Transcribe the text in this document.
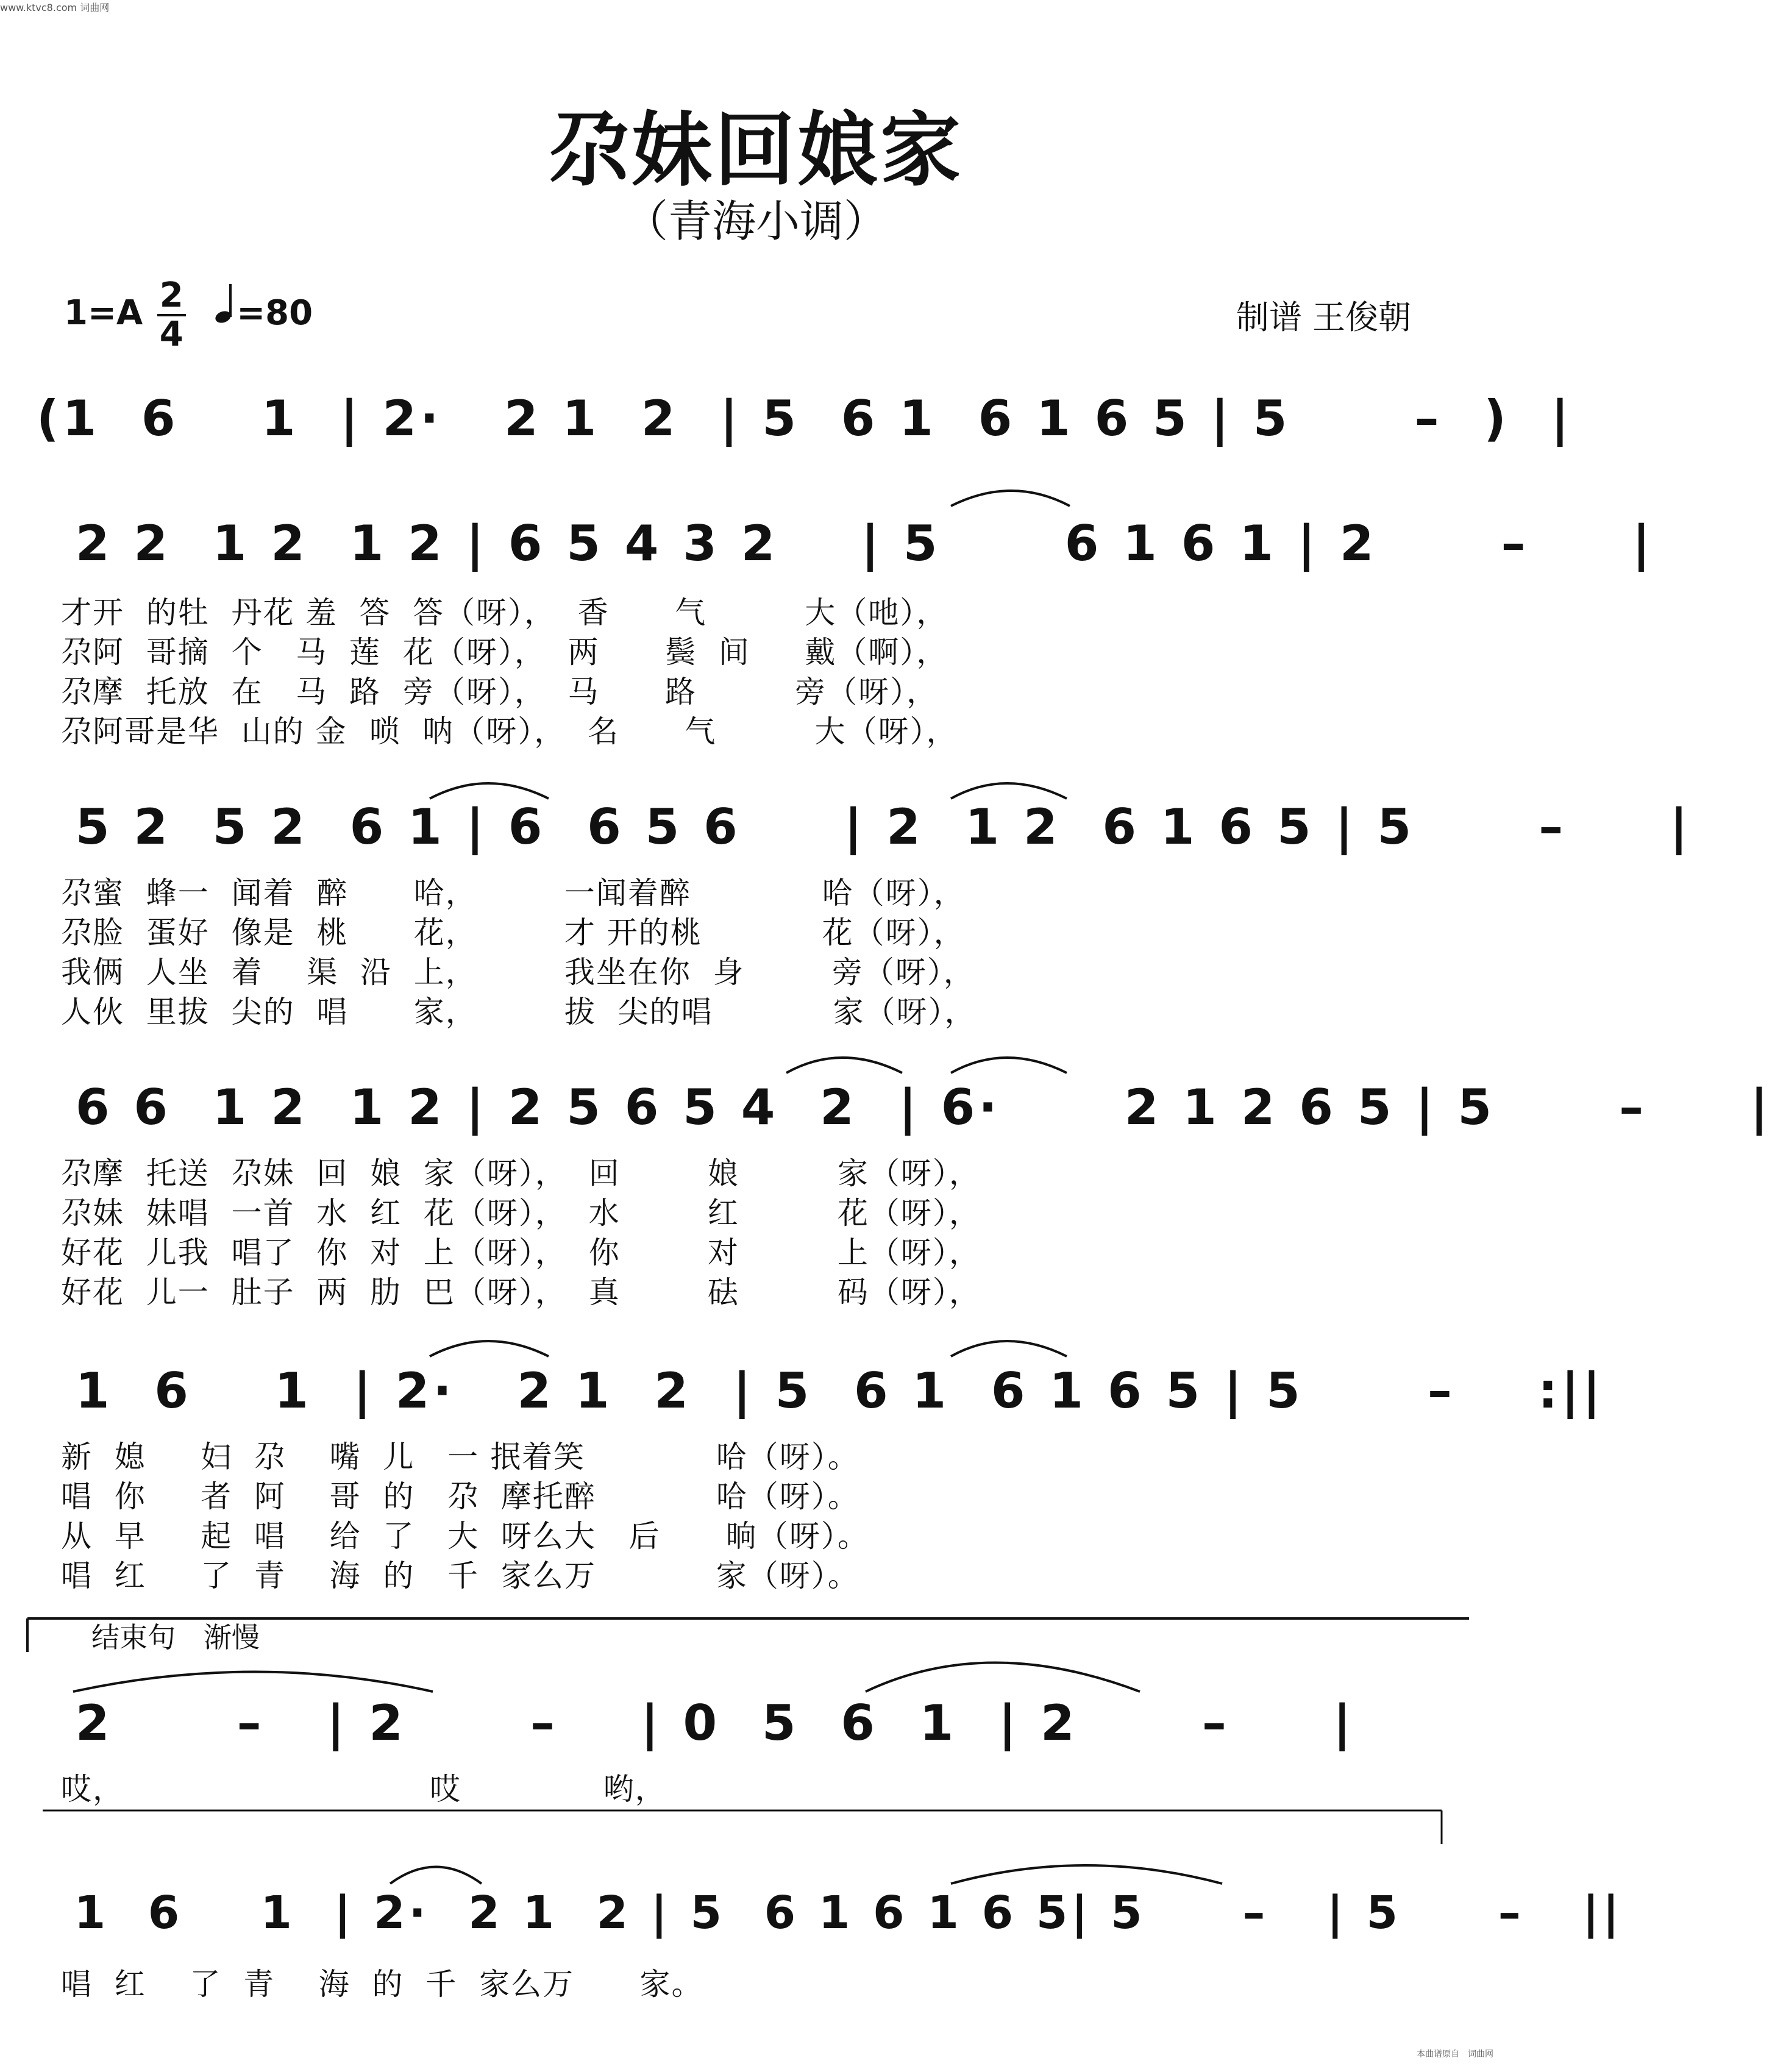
www.ktvc8.com 词曲网
尕妹回娘家
（青海小调）
$1=A \frac{2}{4} =80$	制谱 王俊朝
(1  6    1  | 2·   2 1  2  | 5  6 1  6 1 6 5 | 5      –  )  |
2 2  1 2  1 2 | 6 5 4 3 2    | 5      6 1 6 1 | 2      –     |
才开  的牡  丹花 羞  答  答（呀），  香      气         大（吔），
尕阿  哥摘  个   马  莲  花（呀），  两      鬓  间     戴（啊），
尕摩  托放  在   马  路  旁（呀），  马      路         旁（呀），
尕阿哥是华  山的 金  唢  呐（呀），  名      气         大（呀），
5 2  5 2  6 1 | 6  6 5 6     | 2  1 2  6 1 6 5 | 5      –     |
尕蜜  蜂一  闻着  醉      哈，        一闻着醉            哈（呀），
尕脸  蛋好  像是  桃      花，        才 开的桃           花（呀），
我俩  人坐  着    渠  沿  上，        我坐在你  身        旁（呀），
人伙  里拔  尖的  唱      家，        拔  尖的唱           家（呀），
6 6  1 2  1 2 | 2 5 6 5 4  2  | 6·      2 1 2 6 5 | 5      –     |
尕摩  托送  尕妹  回  娘  家（呀），  回        娘         家（呀），
尕妹  妹唱  一首  水  红  花（呀），  水        红         花（呀），
好花  儿我  唱了  你  对  上（呀），  你        对         上（呀），
好花  儿一  肚子  两  肋  巴（呀），  真        砝         码（呀），
1  6    1  | 2·   2 1  2  | 5  6 1  6 1 6 5 | 5      –    :||
新  媳     妇  尕    嘴  儿   一 抿着笑            哈（呀）。
唱  你     者  阿    哥  的   尕  摩托醉           哈（呀）。
从  早     起  唱    给  了   大  呀么大   后      晌（呀）。
唱  红     了  青    海  的   千  家么万           家（呀）。
结束句　渐慢
2      –   | 2      –    | 0  5  6  1  | 2      –     |
哎，                            哎             哟，
1  6    1  | 2·  2 1  2 | 5  6 1 6 1 6 5| 5     –   | 5     –   ||
唱  红    了  青    海  的  千  家么万      家。
本曲谱原自　词曲网
